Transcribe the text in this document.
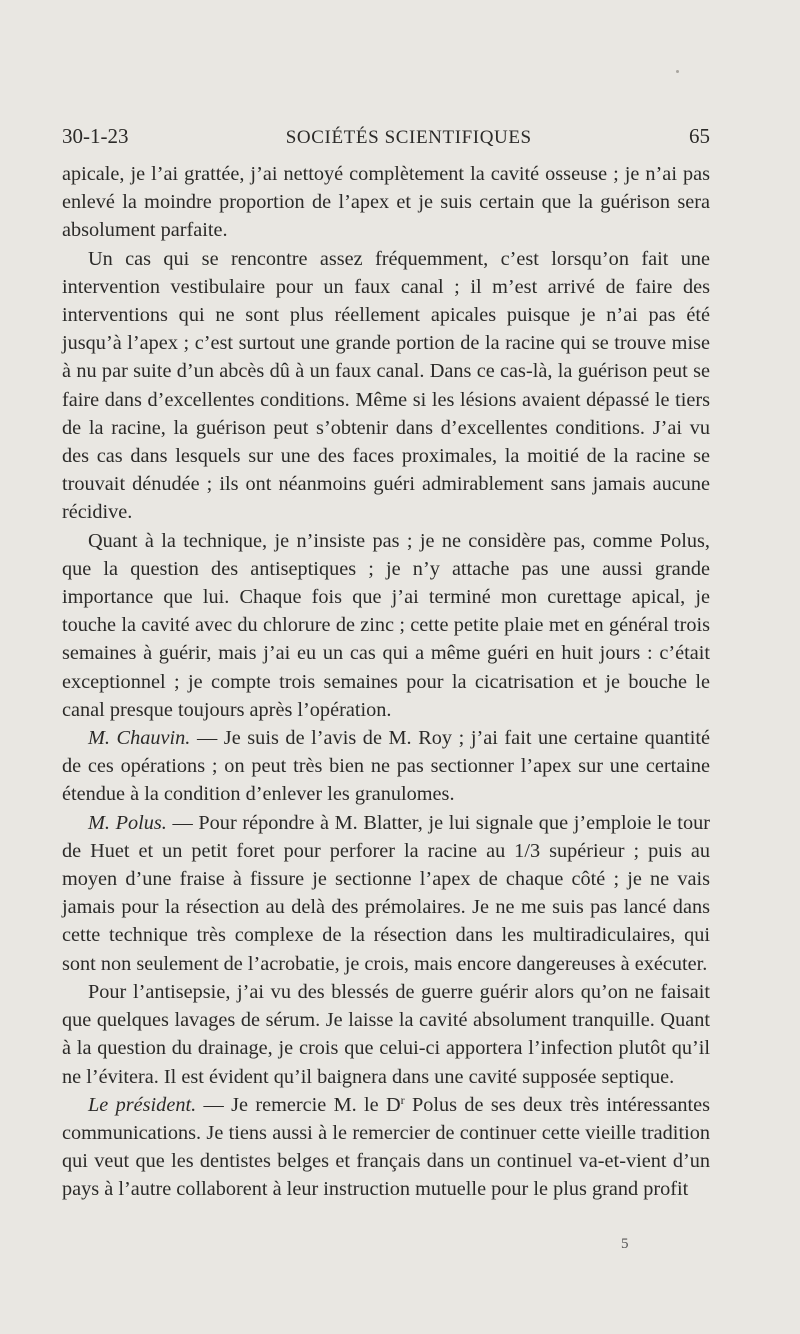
30-1-23	SOCIÉTÉS SCIENTIFIQUES	65

apicale, je l’ai grattée, j’ai nettoyé complètement la cavité osseuse ; je n’ai pas enlevé la moindre proportion de l’apex et je suis certain que la guérison sera absolument parfaite.

Un cas qui se rencontre assez fréquemment, c’est lorsqu’on fait une intervention vestibulaire pour un faux canal ; il m’est arrivé de faire des interventions qui ne sont plus réellement apicales puisque je n’ai pas été jusqu’à l’apex ; c’est surtout une grande portion de la racine qui se trouve mise à nu par suite d’un abcès dû à un faux canal. Dans ce cas-là, la guérison peut se faire dans d’excellentes conditions. Même si les lésions avaient dépassé le tiers de la racine, la guérison peut s’obtenir dans d’excellentes conditions. J’ai vu des cas dans lesquels sur une des faces proximales, la moitié de la racine se trouvait dénudée ; ils ont néanmoins guéri admirablement sans jamais aucune récidive.

Quant à la technique, je n’insiste pas ; je ne considère pas, comme Polus, que la question des antiseptiques ; je n’y attache pas une aussi grande importance que lui. Chaque fois que j’ai terminé mon curettage apical, je touche la cavité avec du chlorure de zinc ; cette petite plaie met en général trois semaines à guérir, mais j’ai eu un cas qui a même guéri en huit jours : c’était exceptionnel ; je compte trois semaines pour la cicatrisation et je bouche le canal presque toujours après l’opération.

M. Chauvin. — Je suis de l’avis de M. Roy ; j’ai fait une certaine quantité de ces opérations ; on peut très bien ne pas sectionner l’apex sur une certaine étendue à la condition d’enlever les granulomes.

M. Polus. — Pour répondre à M. Blatter, je lui signale que j’emploie le tour de Huet et un petit foret pour perforer la racine au 1/3 supérieur ; puis au moyen d’une fraise à fissure je sectionne l’apex de chaque côté ; je ne vais jamais pour la résection au delà des prémolaires. Je ne me suis pas lancé dans cette technique très complexe de la résection dans les multiradiculaires, qui sont non seulement de l’acrobatie, je crois, mais encore dangereuses à exécuter.

Pour l’antisepsie, j’ai vu des blessés de guerre guérir alors qu’on ne faisait que quelques lavages de sérum. Je laisse la cavité absolument tranquille. Quant à la question du drainage, je crois que celui-ci apportera l’infection plutôt qu’il ne l’évitera. Il est évident qu’il baignera dans une cavité supposée septique.

Le président. — Je remercie M. le $D^r$ Polus de ses deux très intéressantes communications. Je tiens aussi à le remercier de continuer cette vieille tradition qui veut que les dentistes belges et français dans un continuel va-et-vient d’un pays à l’autre collaborent à leur instruction mutuelle pour le plus grand profit

5
